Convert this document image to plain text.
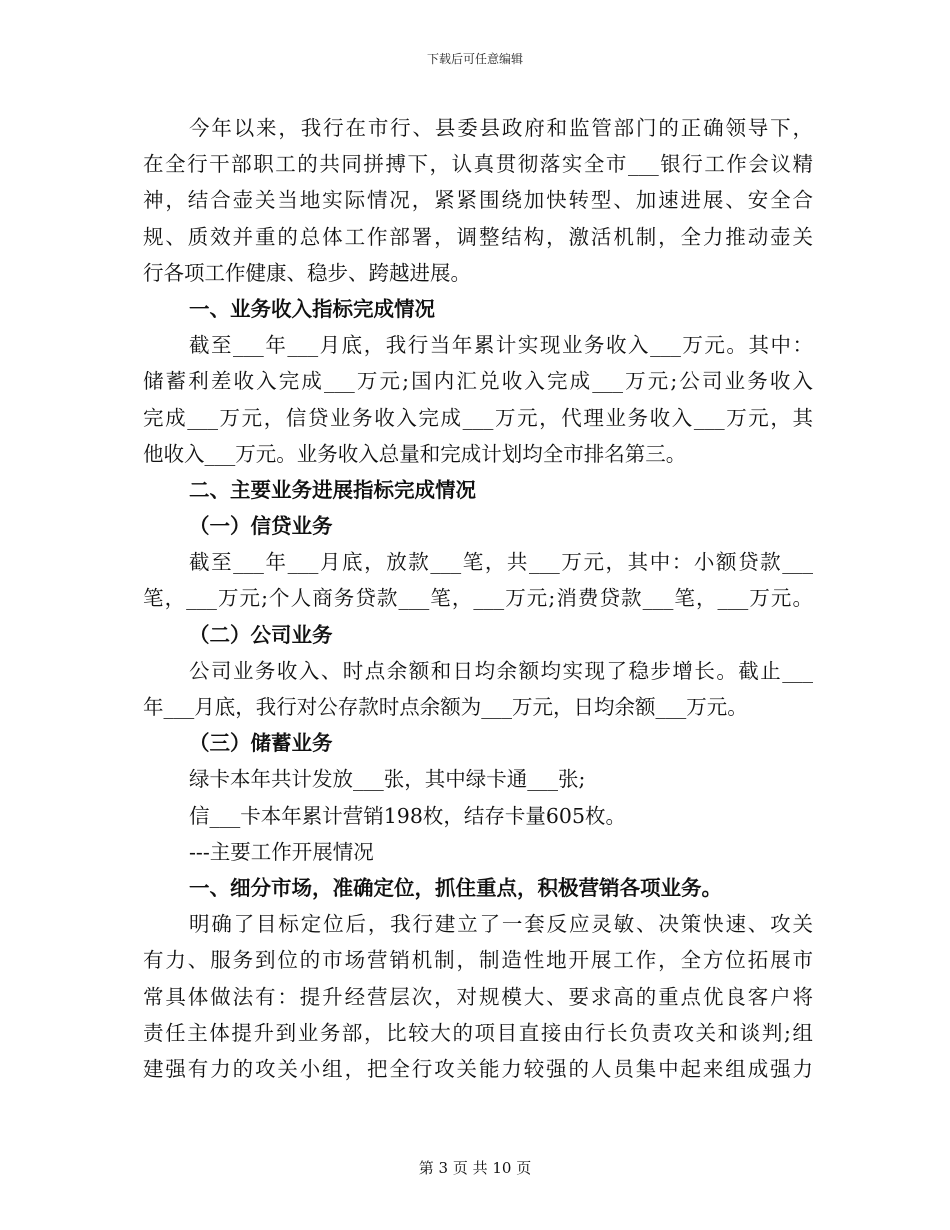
下载后可任意编辑
今年以来，我行在市行、县委县政府和监管部门的正确领导下，
在全行干部职工的共同拼搏下，认真贯彻落实全市___银行工作会议精
神，结合壶关当地实际情况，紧紧围绕加快转型、加速进展、安全合
规、质效并重的总体工作部署，调整结构，激活机制，全力推动壶关
行各项工作健康、稳步、跨越进展。
一、业务收入指标完成情况
截至___年___月底，我行当年累计实现业务收入___万元。其中：
储蓄利差收入完成___万元;国内汇兑收入完成___万元;公司业务收入
完成___万元，信贷业务收入完成___万元，代理业务收入___万元，其
他收入___万元。业务收入总量和完成计划均全市排名第三。
二、主要业务进展指标完成情况
（一）信贷业务
截至___年___月底，放款___笔，共___万元，其中：小额贷款___
笔，___万元;个人商务贷款___笔，___万元;消费贷款___笔，___万元。
（二）公司业务
公司业务收入、时点余额和日均余额均实现了稳步增长。截止___
年___月底，我行对公存款时点余额为___万元，日均余额___万元。
（三）储蓄业务
绿卡本年共计发放___张，其中绿卡通___张;
信___卡本年累计营销198枚，结存卡量605枚。
---主要工作开展情况
一、细分市场，准确定位，抓住重点，积极营销各项业务。
明确了目标定位后，我行建立了一套反应灵敏、决策快速、攻关
有力、服务到位的市场营销机制，制造性地开展工作，全方位拓展市
常具体做法有：提升经营层次，对规模大、要求高的重点优良客户将
责任主体提升到业务部，比较大的项目直接由行长负责攻关和谈判;组
建强有力的攻关小组，把全行攻关能力较强的人员集中起来组成强力
第 3 页 共 10 页
